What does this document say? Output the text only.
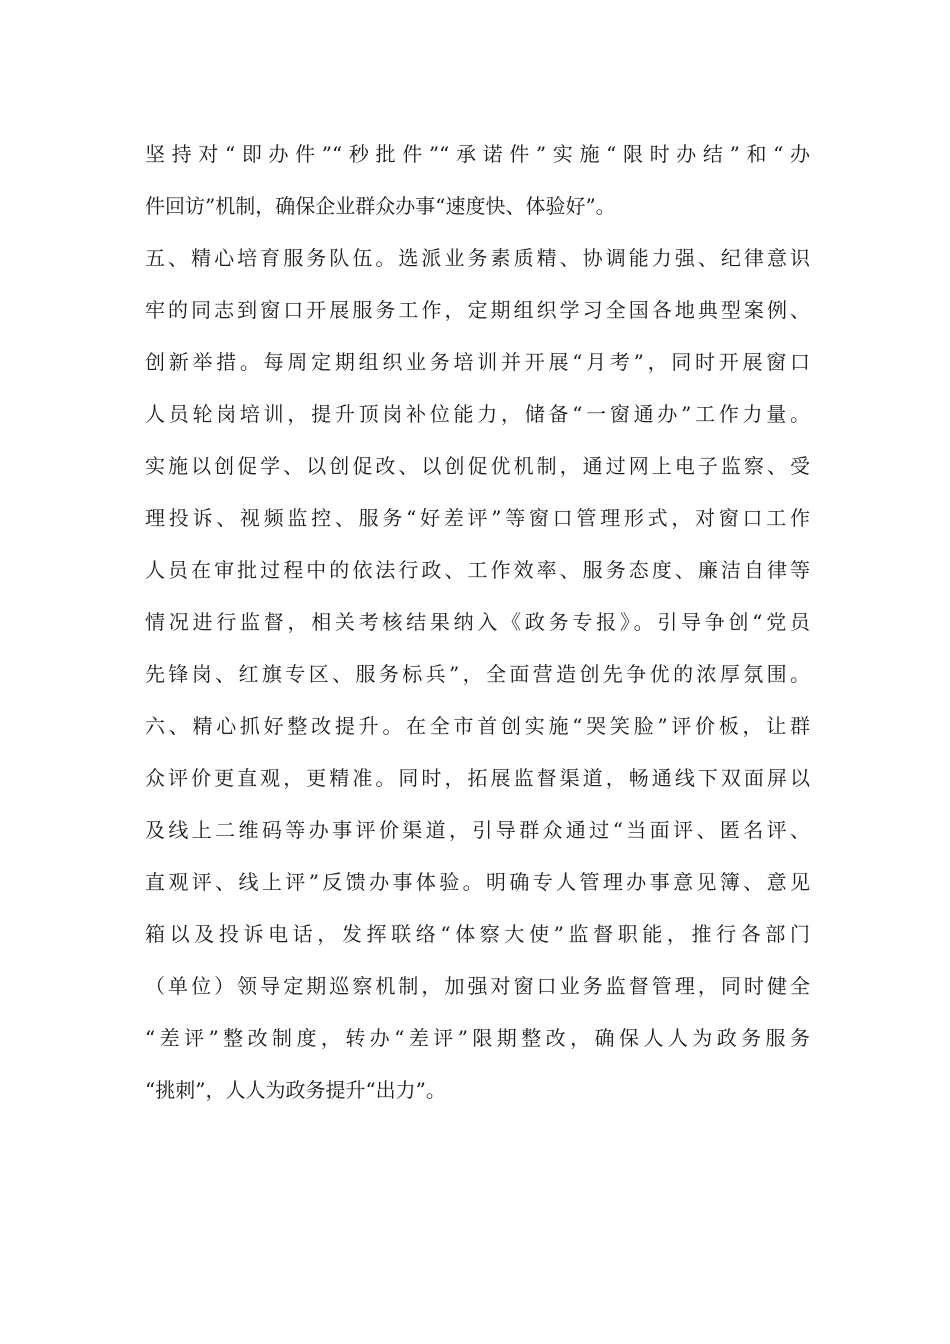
坚持对“即办件”“秒批件”“承诺件”实施“限时办结”和“办
件回访”机制，确保企业群众办事“速度快、体验好”。
五、精心培育服务队伍。选派业务素质精、协调能力强、纪律意识
牢的同志到窗口开展服务工作，定期组织学习全国各地典型案例、
创新举措。每周定期组织业务培训并开展“月考”，同时开展窗口
人员轮岗培训，提升顶岗补位能力，储备“一窗通办”工作力量。
实施以创促学、以创促改、以创促优机制，通过网上电子监察、受
理投诉、视频监控、服务“好差评”等窗口管理形式，对窗口工作
人员在审批过程中的依法行政、工作效率、服务态度、廉洁自律等
情况进行监督，相关考核结果纳入《政务专报》。引导争创“党员
先锋岗、红旗专区、服务标兵”，全面营造创先争优的浓厚氛围。
六、精心抓好整改提升。在全市首创实施“哭笑脸”评价板，让群
众评价更直观，更精准。同时，拓展监督渠道，畅通线下双面屏以
及线上二维码等办事评价渠道，引导群众通过“当面评、匿名评、
直观评、线上评”反馈办事体验。明确专人管理办事意见簿、意见
箱以及投诉电话，发挥联络“体察大使”监督职能，推行各部门
（单位）领导定期巡察机制，加强对窗口业务监督管理，同时健全
“差评”整改制度，转办“差评”限期整改，确保人人为政务服务
“挑刺”，人人为政务提升“出力”。
